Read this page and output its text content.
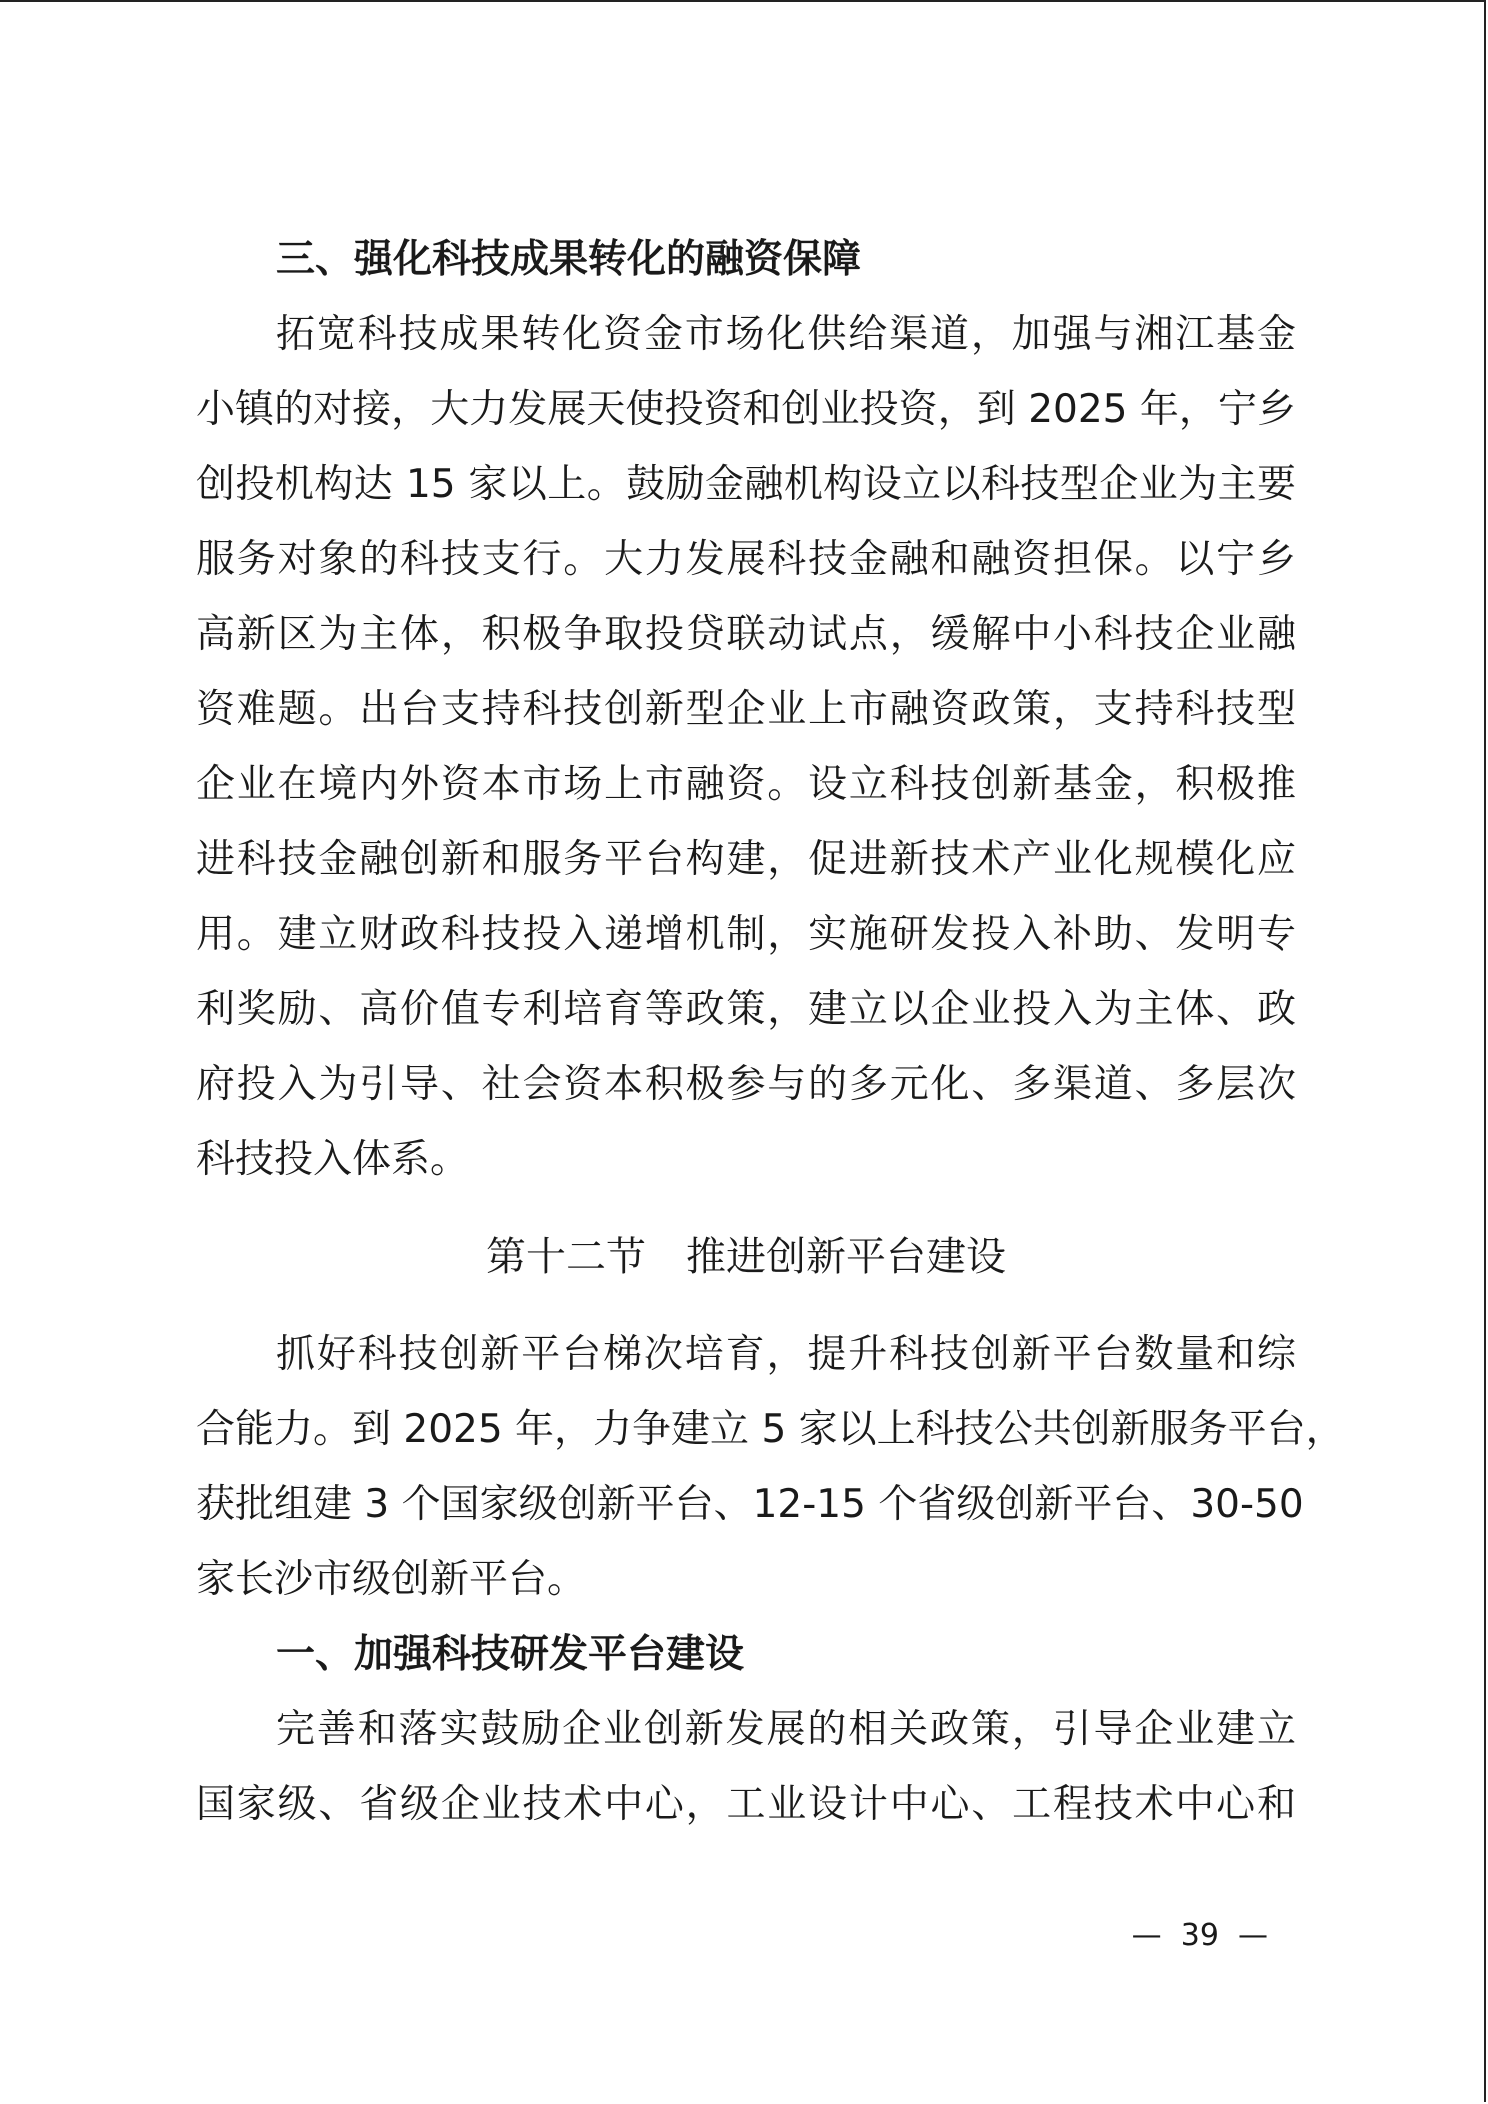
三、强化科技成果转化的融资保障
拓宽科技成果转化资金市场化供给渠道，加强与湘江基金
小镇的对接，大力发展天使投资和创业投资，到 2025 年，宁乡
创投机构达 15 家以上。鼓励金融机构设立以科技型企业为主要
服务对象的科技支行。大力发展科技金融和融资担保。以宁乡
高新区为主体，积极争取投贷联动试点，缓解中小科技企业融
资难题。出台支持科技创新型企业上市融资政策，支持科技型
企业在境内外资本市场上市融资。设立科技创新基金，积极推
进科技金融创新和服务平台构建，促进新技术产业化规模化应
用。建立财政科技投入递增机制，实施研发投入补助、发明专
利奖励、高价值专利培育等政策，建立以企业投入为主体、政
府投入为引导、社会资本积极参与的多元化、多渠道、多层次
科技投入体系。
第十二节　推进创新平台建设
抓好科技创新平台梯次培育，提升科技创新平台数量和综
合能力。到 2025 年，力争建立 5 家以上科技公共创新服务平台，
获批组建 3 个国家级创新平台、12-15 个省级创新平台、30-50
家长沙市级创新平台。
一、加强科技研发平台建设
完善和落实鼓励企业创新发展的相关政策，引导企业建立
国家级、省级企业技术中心，工业设计中心、工程技术中心和
—  39  —
